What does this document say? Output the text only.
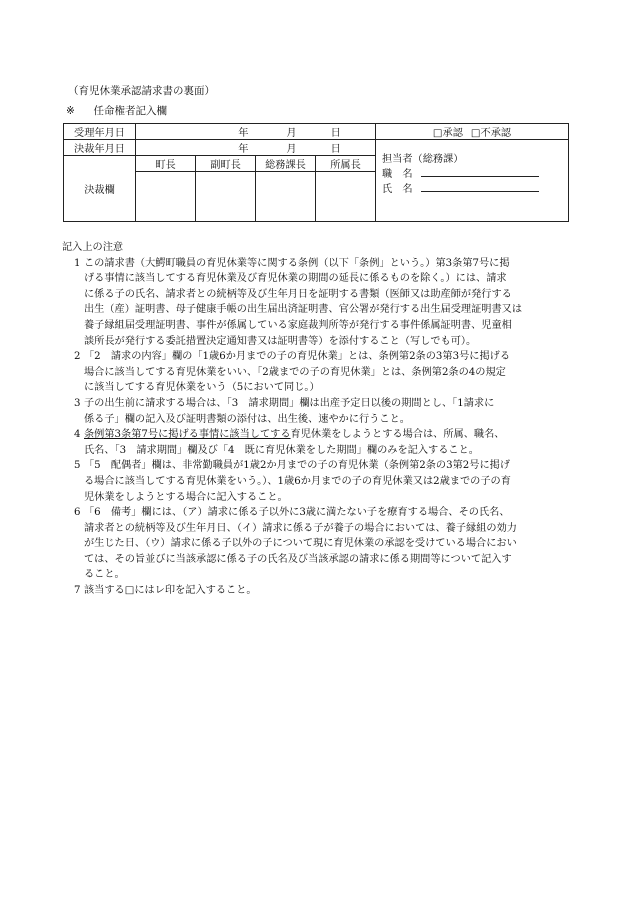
（育児休業承認請求書の裏面）
※ 任命権者記入欄
受理年月日	年 月 日				□承認 □不承認
決裁年月日	年 月 日				担当者（総務課）
職　名
氏　名

決裁欄	町長	副町長	総務課長	所属長	

記入上の注意
1 この請求書（大鰐町職員の育児休業等に関する条例（以下「条例」という。）第3条第7号に掲
げる事情に該当してする育児休業及び育児休業の期間の延長に係るものを除く。）には、請求
に係る子の氏名、請求者との続柄等及び生年月日を証明する書類（医師又は助産師が発行する
出生（産）証明書、母子健康手帳の出生届出済証明書、官公署が発行する出生届受理証明書又は
養子縁組届受理証明書、事件が係属している家庭裁判所等が発行する事件係属証明書、児童相
談所長が発行する委託措置決定通知書又は証明書等）を添付すること（写しでも可）。
2 「2　請求の内容」欄の「1歳6か月までの子の育児休業」とは、条例第2条の3第3号に掲げる
場合に該当してする育児休業をいい、「2歳までの子の育児休業」とは、条例第2条の4の規定
に該当してする育児休業をいう（5において同じ。）
3 子の出生前に請求する場合は、「3　請求期間」欄は出産予定日以後の期間とし、「1請求に
係る子」欄の記入及び証明書類の添付は、出生後、速やかに行うこと。
4 条例第3条第7号に掲げる事情に該当してする育児休業をしようとする場合は、所属、職名、
氏名、「3　請求期間」欄及び「4　既に育児休業をした期間」欄のみを記入すること。
5 「5　配偶者」欄は、非常勤職員が1歳2か月までの子の育児休業（条例第2条の3第2号に掲げ
る場合に該当してする育児休業をいう。）、1歳6か月までの子の育児休業又は2歳までの子の育
児休業をしようとする場合に記入すること。
6 「6　備考」欄には、（ア）請求に係る子以外に3歳に満たない子を療育する場合、その氏名、
請求者との続柄等及び生年月日、（イ）請求に係る子が養子の場合においては、養子縁組の効力
が生じた日、（ウ）請求に係る子以外の子について現に育児休業の承認を受けている場合におい
ては、その旨並びに当該承認に係る子の氏名及び当該承認の請求に係る期間等について記入す
ること。
7 該当する□にはレ印を記入すること。
